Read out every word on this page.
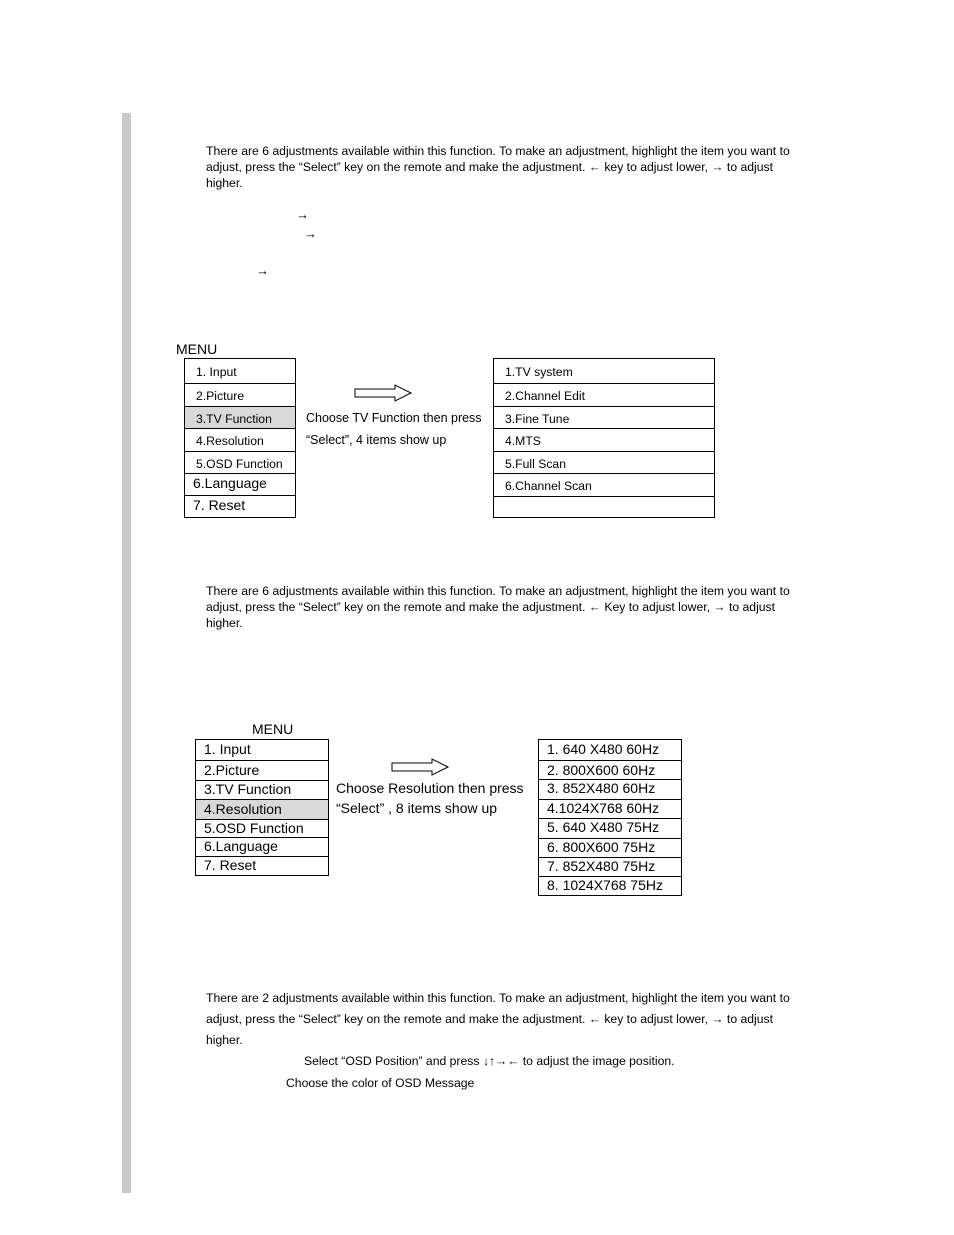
There are 6 adjustments available within this function. To make an adjustment, highlight the item you want to

adjust, press the “Select” key on the remote and make the adjustment. ← key to adjust lower, → to adjust

higher.

→
→
→
MENU
1. Input
2.Picture
3.TV Function
4.Resolution
5.OSD Function
6.Language
7. Reset
Choose TV Function then press
“Select”, 4 items show up
1.TV system
2.Channel Edit
3.Fine Tune
4.MTS
5.Full Scan
6.Channel Scan

There are 6 adjustments available within this function. To make an adjustment, highlight the item you want to

adjust, press the “Select” key on the remote and make the adjustment. ← Key to adjust lower, → to adjust

higher.

MENU
1. Input
2.Picture
3.TV Function
4.Resolution
5.OSD Function
6.Language
7. Reset
Choose Resolution then press
“Select” , 8 items show up
1. 640 X480 60Hz
2. 800X600 60Hz
3. 852X480 60Hz
4.1024X768 60Hz
5. 640 X480 75Hz
6. 800X600 75Hz
7. 852X480 75Hz
8. 1024X768 75Hz

There are 2 adjustments available within this function. To make an adjustment, highlight the item you want to

adjust, press the “Select” key on the remote and make the adjustment. ← key to adjust lower, → to adjust

higher.

Select “OSD Position” and press ↓↑→← to adjust the image position.
Choose the color of OSD Message
